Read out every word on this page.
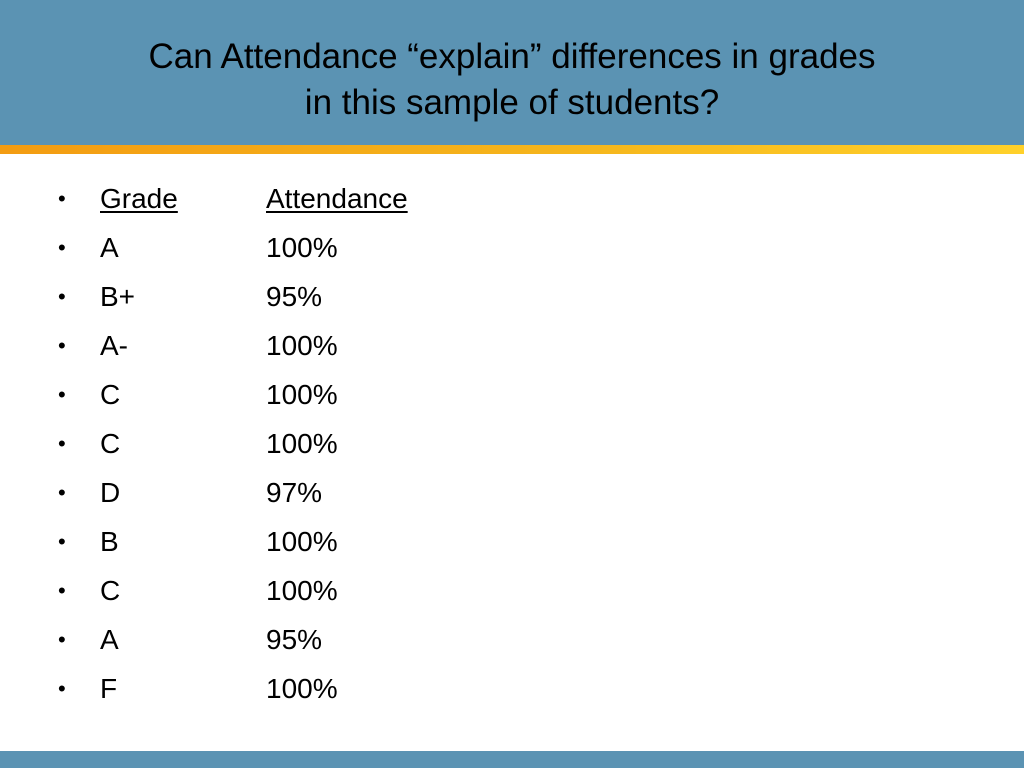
Can Attendance “explain” differences in grades
in this sample of students?
• Grade	Attendance
• A	100%
• B+	95%
• A-	100%
• C	100%
• C	100%
• D	97%
• B	100%
• C	100%
• A	95%
• F	100%
